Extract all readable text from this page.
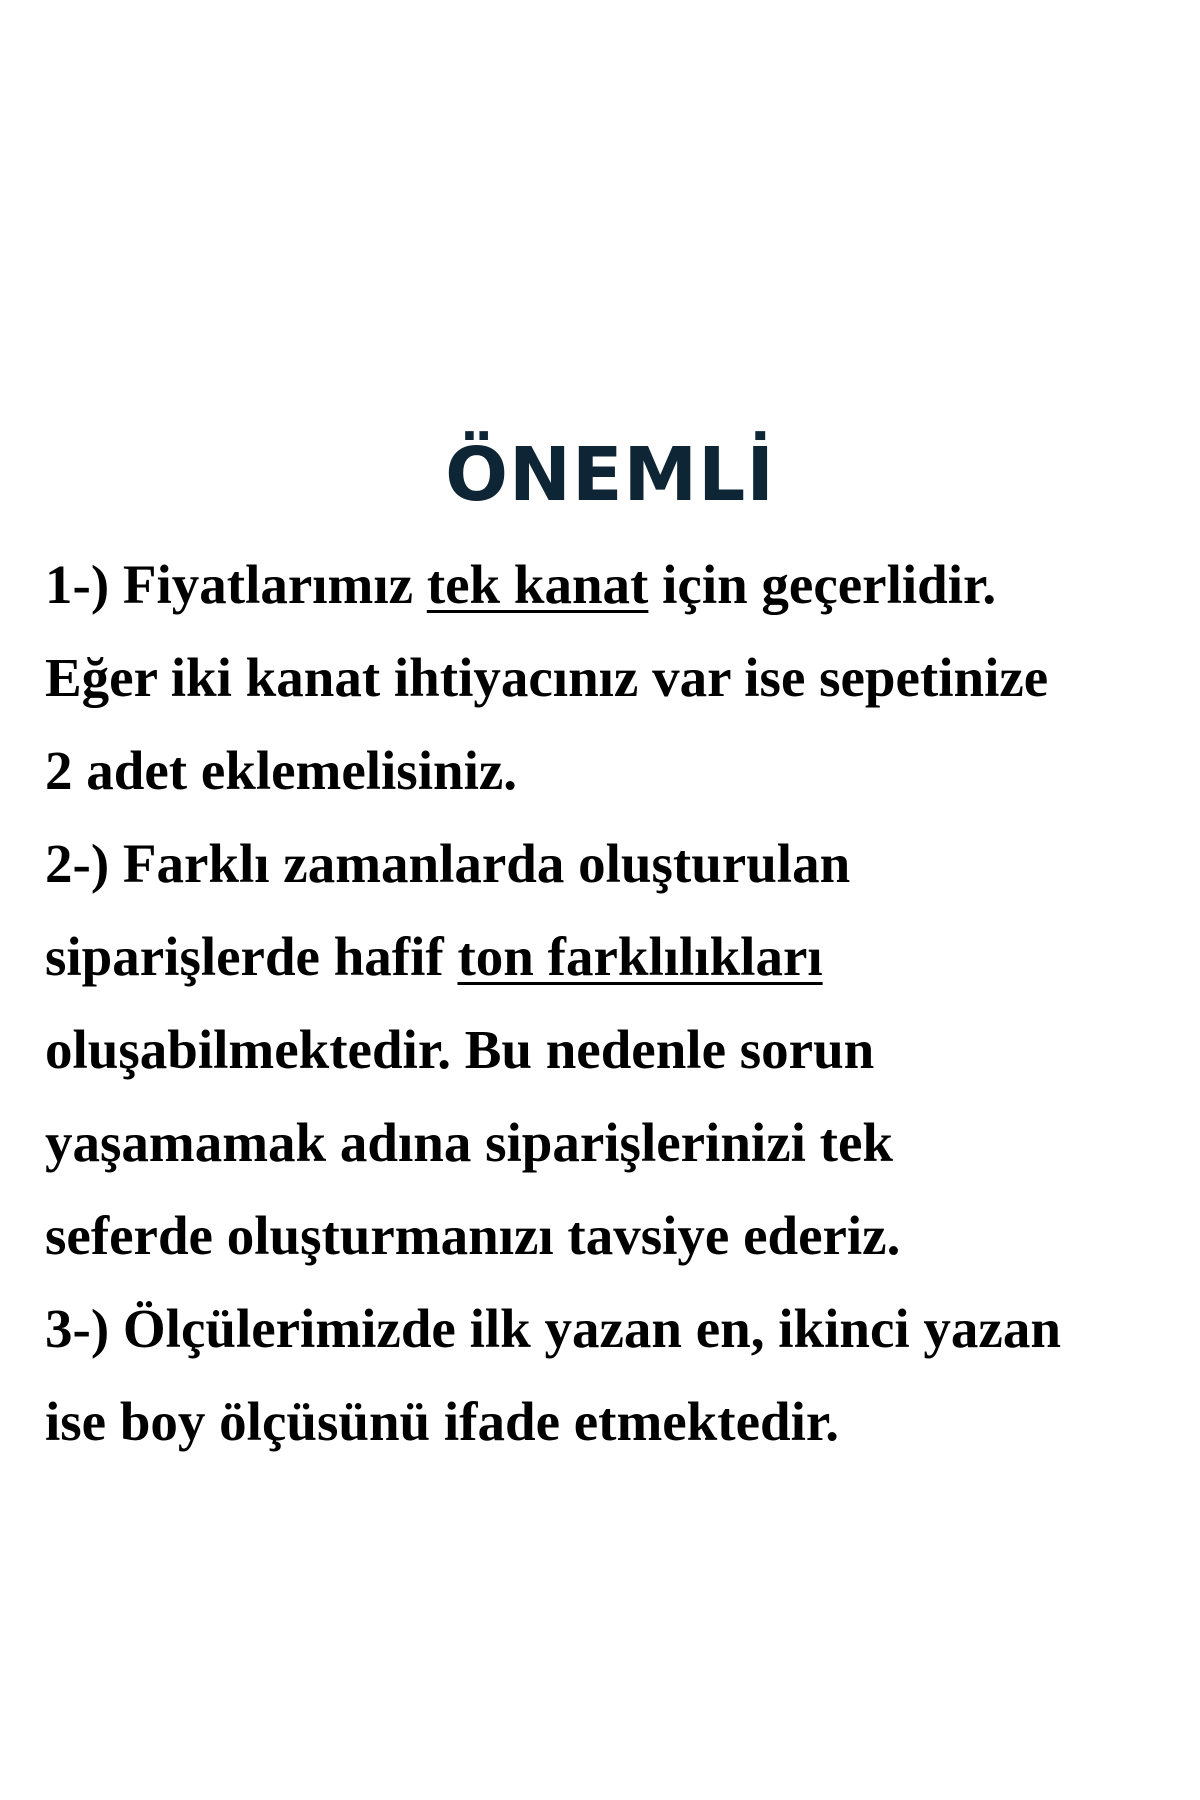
ÖNEMLİ
1-) Fiyatlarımız tek kanat için geçerlidir.
Eğer iki kanat ihtiyacınız var ise sepetinize
2 adet eklemelisiniz.
2-) Farklı zamanlarda oluşturulan
siparişlerde hafif ton farklılıkları
oluşabilmektedir. Bu nedenle sorun
yaşamamak adına siparişlerinizi tek
seferde oluşturmanızı tavsiye ederiz.
3-) Ölçülerimizde ilk yazan en, ikinci yazan
ise boy ölçüsünü ifade etmektedir.
